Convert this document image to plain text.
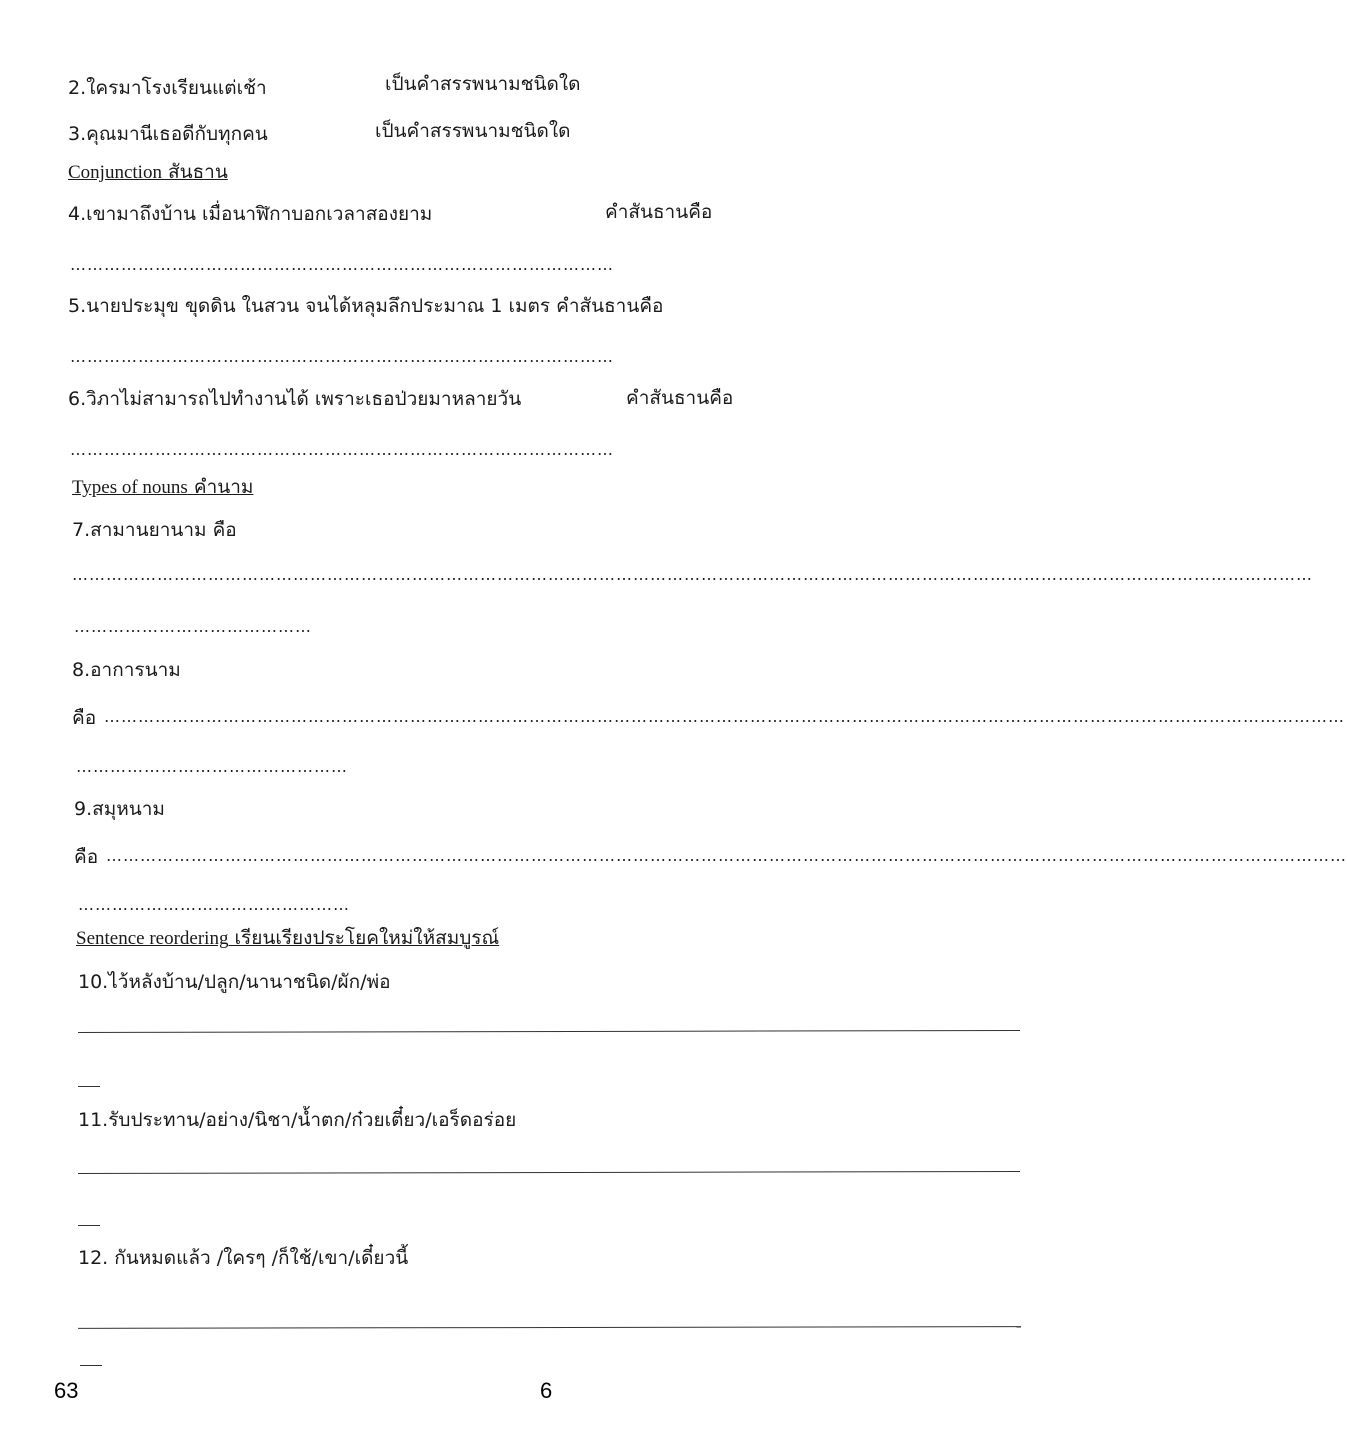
2.ใครมาโรงเรียนแต่เช้า	เป็นคำสรรพนามชนิดใด
3.คุณมานีเธอดีกับทุกคน	เป็นคำสรรพนามชนิดใด
Conjunction สันธาน
4.เขามาถึงบ้าน เมื่อนาฬิกาบอกเวลาสองยาม	คำสันธานคือ
……………………………………………………………………………………
5.นายประมุข ขุดดิน ในสวน จนได้หลุมลึกประมาณ 1 เมตร คำสันธานคือ
……………………………………………………………………………………
6.วิภาไม่สามารถไปทำงานได้ เพราะเธอป่วยมาหลายวัน	คำสันธานคือ
……………………………………………………………………………………
Types of nouns คำนาม
7.สามานยานาม คือ
…………………………………………………………………………………………………………………………………………………………………………………………………
……………………………………
8.อาการนาม
คือ …………………………………………………………………………………………………………………………………………………………………………………………………
…………………………………………
9.สมุหนาม
คือ …………………………………………………………………………………………………………………………………………………………………………………………………
…………………………………………
Sentence reordering เรียนเรียงประโยคใหม่ให้สมบูรณ์
10.ไว้หลังบ้าน/ปลูก/นานาชนิด/ผัก/พ่อ
11.รับประทาน/อย่าง/นิชา/น้ำตก/ก๋วยเตี๋ยว/เอร็ดอร่อย
12. กันหมดแล้ว /ใครๆ /ก็ใช้/เขา/เดี๋ยวนี้
63	6
